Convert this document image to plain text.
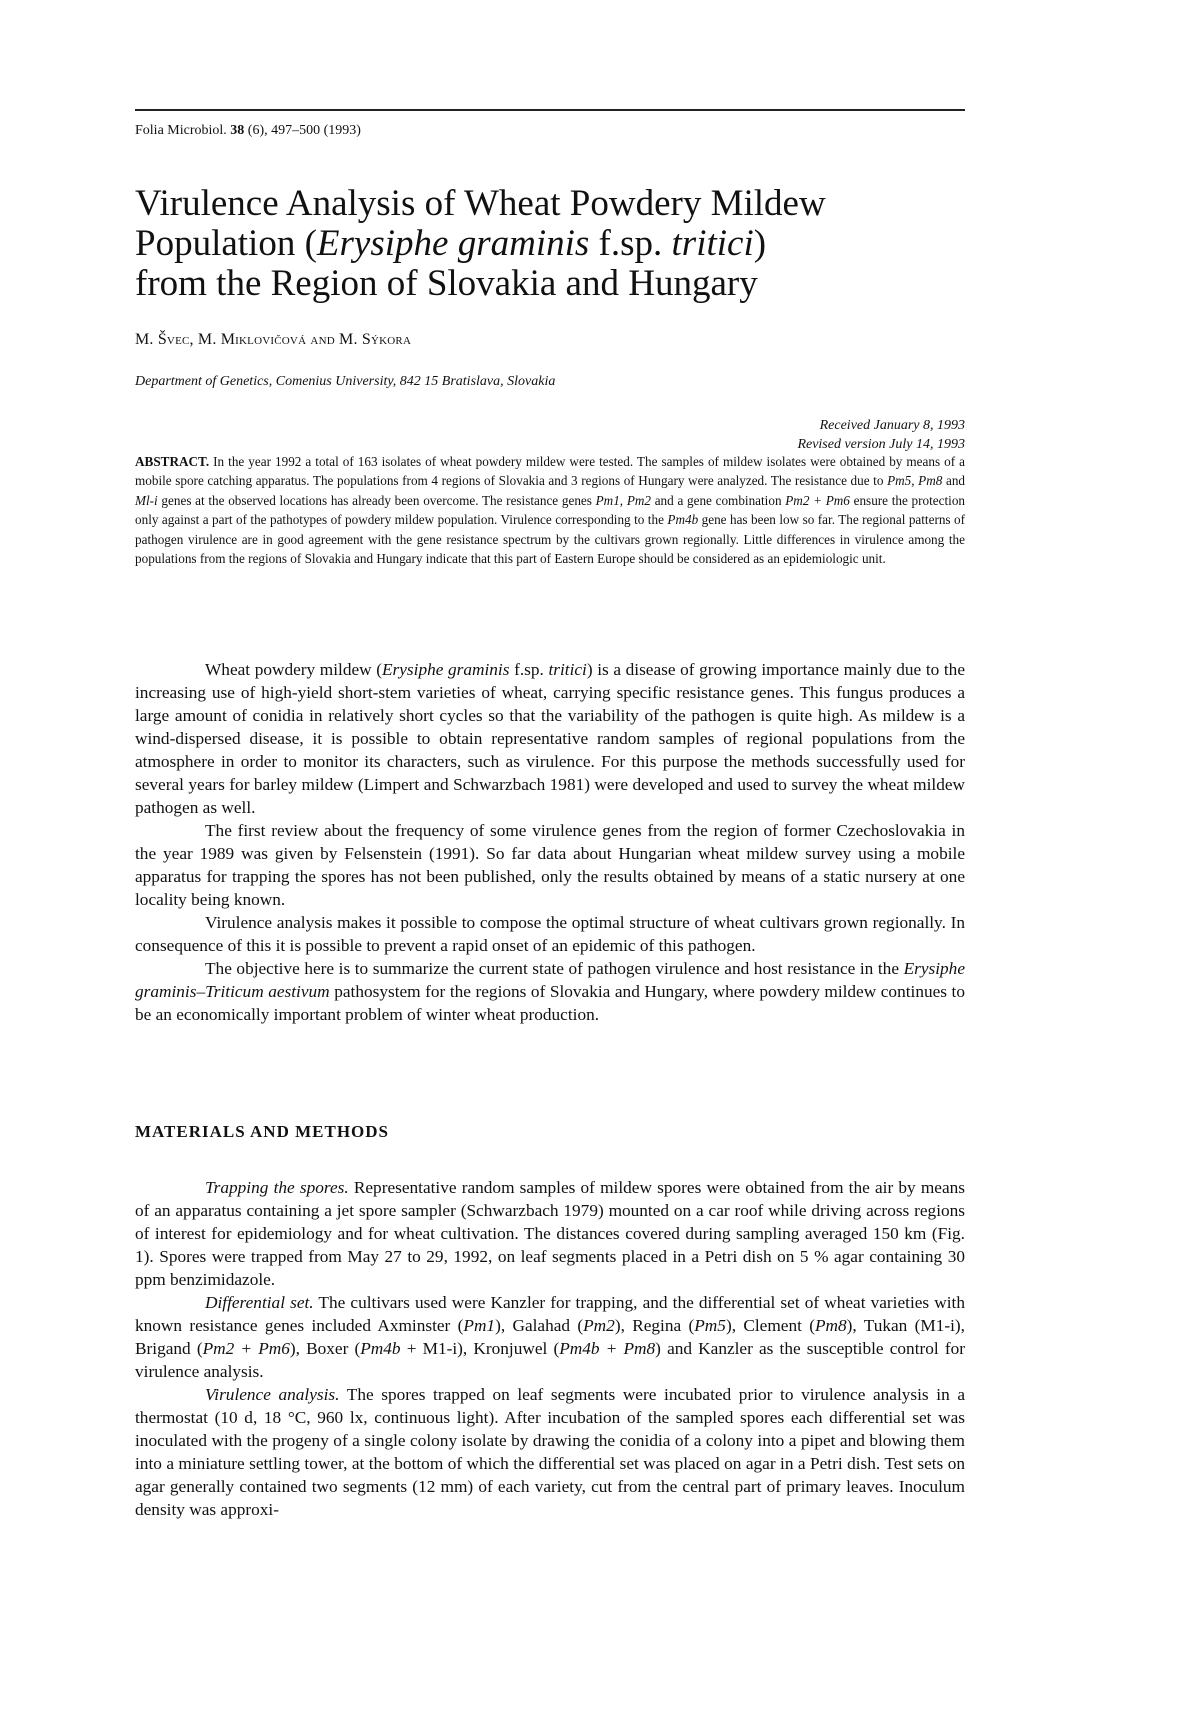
Folia Microbiol. 38 (6), 497–500 (1993)
Virulence Analysis of Wheat Powdery Mildew
Population (Erysiphe graminis f.sp. tritici)
from the Region of Slovakia and Hungary
M. Švec, M. Miklovičová and M. Sýkora
Department of Genetics, Comenius University, 842 15 Bratislava, Slovakia
Received January 8, 1993
Revised version July 14, 1993

ABSTRACT. In the year 1992 a total of 163 isolates of wheat powdery mildew were tested. The samples of mildew isolates were obtained by means of a mobile spore catching apparatus. The populations from 4 regions of Slovakia and 3 regions of Hungary were analyzed. The resistance due to Pm5, Pm8 and Ml-i genes at the observed locations has already been overcome. The resistance genes Pm1, Pm2 and a gene combination Pm2 + Pm6 ensure the protection only against a part of the pathotypes of powdery mildew population. Virulence corresponding to the Pm4b gene has been low so far. The regional patterns of pathogen virulence are in good agreement with the gene resistance spectrum by the cultivars grown regionally. Little differences in virulence among the populations from the regions of Slovakia and Hungary indicate that this part of Eastern Europe should be considered as an epidemiologic unit.

Wheat powdery mildew (Erysiphe graminis f.sp. tritici) is a disease of growing importance mainly due to the increasing use of high-yield short-stem varieties of wheat, carrying specific resistance genes. This fungus produces a large amount of conidia in relatively short cycles so that the variability of the pathogen is quite high. As mildew is a wind-dispersed disease, it is possible to obtain representative random samples of regional populations from the atmosphere in order to monitor its characters, such as virulence. For this purpose the methods successfully used for several years for barley mildew (Limpert and Schwarzbach 1981) were developed and used to survey the wheat mildew pathogen as well.

The first review about the frequency of some virulence genes from the region of former Czechoslovakia in the year 1989 was given by Felsenstein (1991). So far data about Hungarian wheat mildew survey using a mobile apparatus for trapping the spores has not been published, only the results obtained by means of a static nursery at one locality being known.

Virulence analysis makes it possible to compose the optimal structure of wheat cultivars grown regionally. In consequence of this it is possible to prevent a rapid onset of an epidemic of this pathogen.

The objective here is to summarize the current state of pathogen virulence and host resistance in the Erysiphe graminis–Triticum aestivum pathosystem for the regions of Slovakia and Hungary, where powdery mildew continues to be an economically important problem of winter wheat production.

MATERIALS AND METHODS

Trapping the spores. Representative random samples of mildew spores were obtained from the air by means of an apparatus containing a jet spore sampler (Schwarzbach 1979) mounted on a car roof while driving across regions of interest for epidemiology and for wheat cultivation. The distances covered during sampling averaged 150 km (Fig. 1). Spores were trapped from May 27 to 29, 1992, on leaf segments placed in a Petri dish on 5 % agar containing 30 ppm benzimidazole.

Differential set. The cultivars used were Kanzler for trapping, and the differential set of wheat varieties with known resistance genes included Axminster (Pm1), Galahad (Pm2), Regina (Pm5), Clement (Pm8), Tukan (M1-i), Brigand (Pm2 + Pm6), Boxer (Pm4b + M1-i), Kronjuwel (Pm4b + Pm8) and Kanzler as the susceptible control for virulence analysis.

Virulence analysis. The spores trapped on leaf segments were incubated prior to virulence analysis in a thermostat (10 d, 18 °C, 960 lx, continuous light). After incubation of the sampled spores each differential set was inoculated with the progeny of a single colony isolate by drawing the conidia of a colony into a pipet and blowing them into a miniature settling tower, at the bottom of which the differential set was placed on agar in a Petri dish. Test sets on agar generally contained two segments (12 mm) of each variety, cut from the central part of primary leaves. Inoculum density was approxi-
